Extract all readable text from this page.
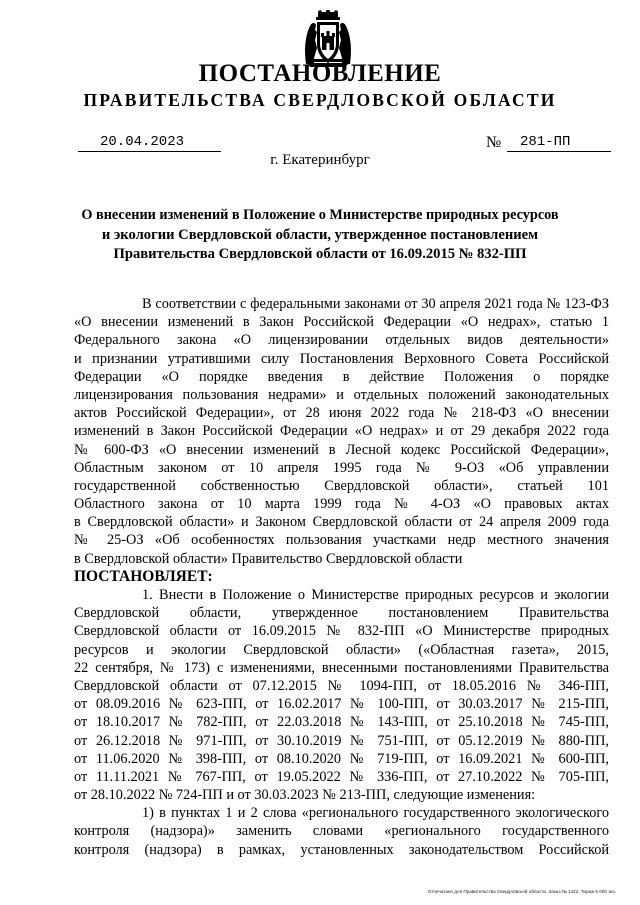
ПОСТАНОВЛЕНИЕ
ПРАВИТЕЛЬСТВА СВЕРДЛОВСКОЙ ОБЛАСТИ
20.04.2023	№ 281-ПП
г. Екатеринбург
О внесении изменений в Положение о Министерстве природных ресурсов
и экологии Свердловской области, утвержденное постановлением
Правительства Свердловской области от 16.09.2015 № 832-ПП
В соответствии с федеральными законами от 30 апреля 2021 года № 123-ФЗ
«О внесении изменений в Закон Российской Федерации «О недрах», статью 1
Федерального закона «О лицензировании отдельных видов деятельности»
и признании утратившими силу Постановления Верховного Совета Российской
Федерации «О порядке введения в действие Положения о порядке
лицензирования пользования недрами» и отдельных положений законодательных
актов Российской Федерации», от 28 июня 2022 года № 218-ФЗ «О внесении
изменений в Закон Российской Федерации «О недрах» и от 29 декабря 2022 года
№ 600-ФЗ «О внесении изменений в Лесной кодекс Российской Федерации»,
Областным законом от 10 апреля 1995 года № 9-ОЗ «Об управлении
государственной собственностью Свердловской области», статьей 101
Областного закона от 10 марта 1999 года № 4-ОЗ «О правовых актах
в Свердловской области» и Законом Свердловской области от 24 апреля 2009 года
№ 25-ОЗ «Об особенностях пользования участками недр местного значения
в Свердловской области» Правительство Свердловской области
ПОСТАНОВЛЯЕТ:
1. Внести в Положение о Министерстве природных ресурсов и экологии
Свердловской области, утвержденное постановлением Правительства
Свердловской области от 16.09.2015 № 832-ПП «О Министерстве природных
ресурсов и экологии Свердловской области» («Областная газета», 2015,
22 сентября, № 173) с изменениями, внесенными постановлениями Правительства
Свердловской области от 07.12.2015 № 1094-ПП, от 18.05.2016 № 346-ПП,
от 08.09.2016 № 623-ПП, от 16.02.2017 № 100-ПП, от 30.03.2017 № 215-ПП,
от 18.10.2017 № 782-ПП, от 22.03.2018 № 143-ПП, от 25.10.2018 № 745-ПП,
от 26.12.2018 № 971-ПП, от 30.10.2019 № 751-ПП, от 05.12.2019 № 880-ПП,
от 11.06.2020 № 398-ПП, от 08.10.2020 № 719-ПП, от 16.09.2021 № 600-ПП,
от 11.11.2021 № 767-ПП, от 19.05.2022 № 336-ПП, от 27.10.2022 № 705-ПП,
от 28.10.2022 № 724-ПП и от 30.03.2023 № 213-ПП, следующие изменения:
1) в пунктах 1 и 2 слова «регионального государственного экологического
контроля (надзора)» заменить словами «регионального государственного
контроля (надзора) в рамках, установленных законодательством Российской
Отпечатано для Правительства Свердловской области. Заказ № 1422. Тираж 5 000 экз.
